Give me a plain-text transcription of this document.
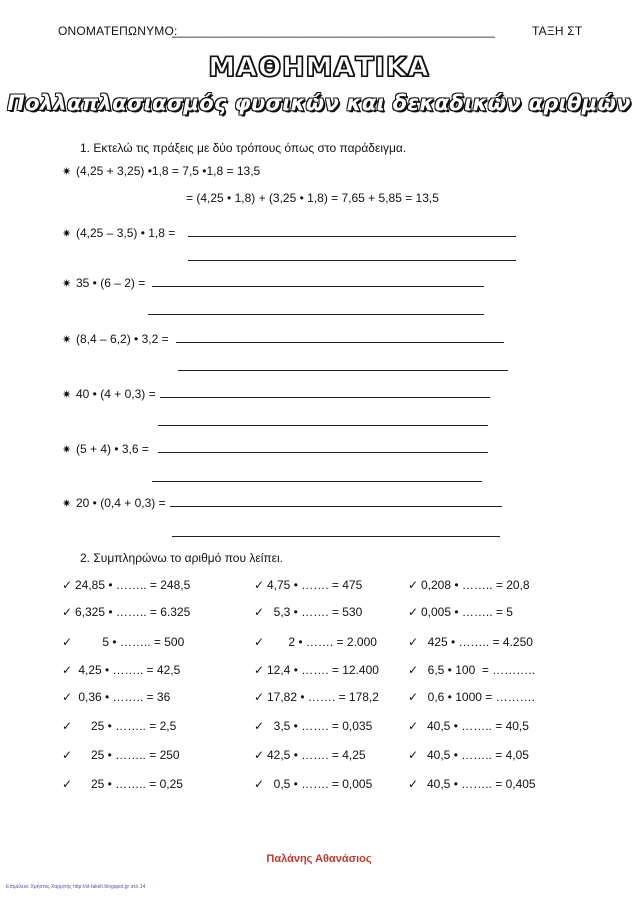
ΟΝΟΜΑΤΕΠΩΝΥΜΟ:
_______________________________________________	ΤΑΞΗ ΣΤ
ΜΑΘΗΜΑΤΙΚΑ
Πολλαπλασιασμός φυσικών και δεκαδικών αριθμών
1. Εκτελώ τις πράξεις με δύο τρόπους όπως στο παράδειγμα.
✷ (4,25 + 3,25) •1,8 = 7,5 •1,8 = 13,5
= (4,25 • 1,8) + (3,25 • 1,8) = 7,65 + 5,85 = 13,5
✷ (4,25 – 3,5) • 1,8 =
✷ 35 • (6 – 2) =
✷ (8,4 – 6,2) • 3,2 =
✷ 40 • (4 + 0,3) =
✷ (5 + 4) • 3,6 =
✷ 20 • (0,4 + 0,3) =
2. Συμπληρώνω το αριθμό που λείπει.
✓ 24,85 • …….. = 248,5
✓ 6,325 • …….. = 6.325
✓    5 • …….. = 500
✓ 4,25 • …….. = 42,5
✓ 0,36 • …….. = 36
✓   25 • …….. = 2,5
✓   25 • …….. = 250
✓   25 • …….. = 0,25
✓ 4,75 • ……. = 475
✓  5,3 • ……. = 530
✓    2 • ……. = 2.000
✓ 12,4 • ……. = 12.400
✓ 17,82 • ……. = 178,2
✓  3,5 • ……. = 0,035
✓ 42,5 • ……. = 4,25
✓  0,5 • ……. = 0,005
✓ 0,208 • …….. = 20,8
✓ 0,005 • …….. = 5
✓  425 • …….. = 4.250
✓  6,5 • 100  = ………..
✓  0,6 • 1000 = ……….
✓ 40,5 • …….. = 40,5
✓ 40,5 • …….. = 4,05
✓ 40,5 • …….. = 0,405
Παλάνης Αθανάσιος
Επιμέλεια: Χρήστος Χαρμπής http://st-taksh.blogspot.gr σελ.14
